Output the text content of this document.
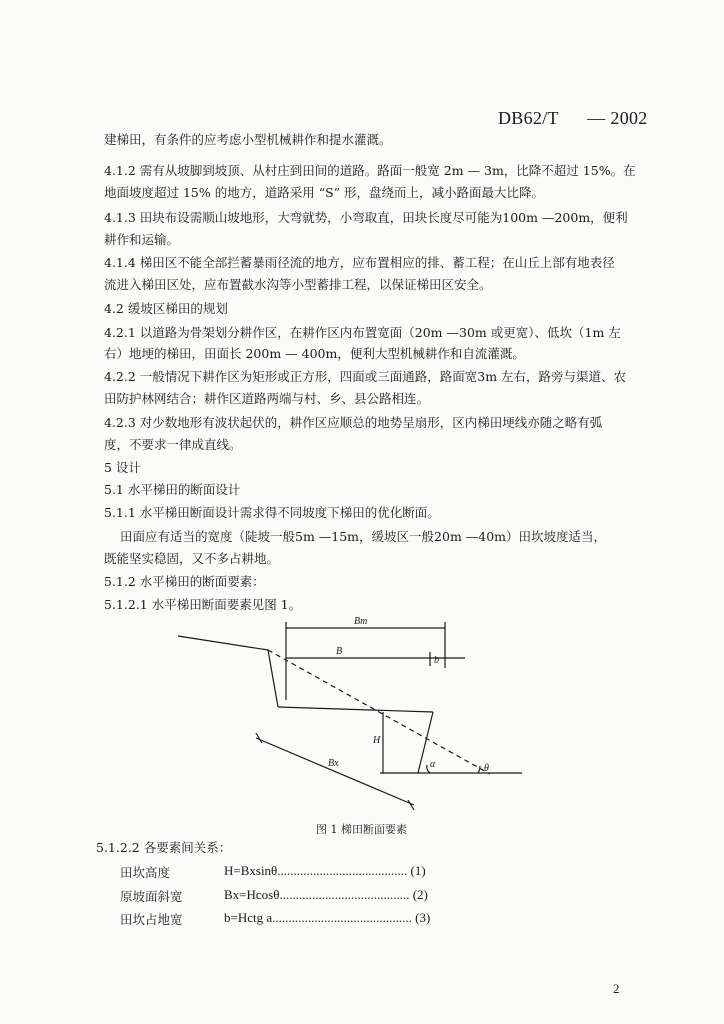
DB62/T — 2002
建梯田，有条件的应考虑小型机械耕作和提水灌溉。
4.1.2 需有从坡脚到坡顶、从村庄到田间的道路。路面一般宽 2m — 3m，比降不超过 15%。在
地面坡度超过 15% 的地方，道路采用 “S” 形，盘绕而上，减小路面最大比降。
4.1.3 田块布设需顺山坡地形，大弯就势，小弯取直，田块长度尽可能为100m —200m，便利
耕作和运输。
4.1.4 梯田区不能全部拦蓄暴雨径流的地方，应布置相应的排、蓄工程；在山丘上部有地表径
流进入梯田区处，应布置截水沟等小型蓄排工程，以保证梯田区安全。
4.2 缓坡区梯田的规划
4.2.1 以道路为骨架划分耕作区，在耕作区内布置宽面（20m —30m 或更宽）、低坎（1m 左
右）地埂的梯田，田面长 200m — 400m，便利大型机械耕作和自流灌溉。
4.2.2 一般情况下耕作区为矩形或正方形，四面或三面通路，路面宽3m 左右，路旁与渠道、农
田防护林网结合；耕作区道路两端与村、乡、县公路相连。
4.2.3 对少数地形有波状起伏的，耕作区应顺总的地势呈扇形，区内梯田埂线亦随之略有弧
度，不要求一律成直线。
5 设计
5.1 水平梯田的断面设计
5.1.1 水平梯田断面设计需求得不同坡度下梯田的优化断面。
田面应有适当的宽度（陡坡一般5m —15m，缓坡区一般20m —40m）田坎坡度适当，
既能坚实稳固，又不多占耕地。
5.1.2 水平梯田的断面要素：
5.1.2.1 水平梯田断面要素见图 1。
Bm
B
b
H
Bx	α	θ
图 1 梯田断面要素
5.1.2.2 各要素间关系：
田坎高度	H=Bxsinθ........................................ (1)
原坡面斜宽	Bx=Hcosθ........................................ (2)
田坎占地宽	b=Hctg a........................................... (3)
2
